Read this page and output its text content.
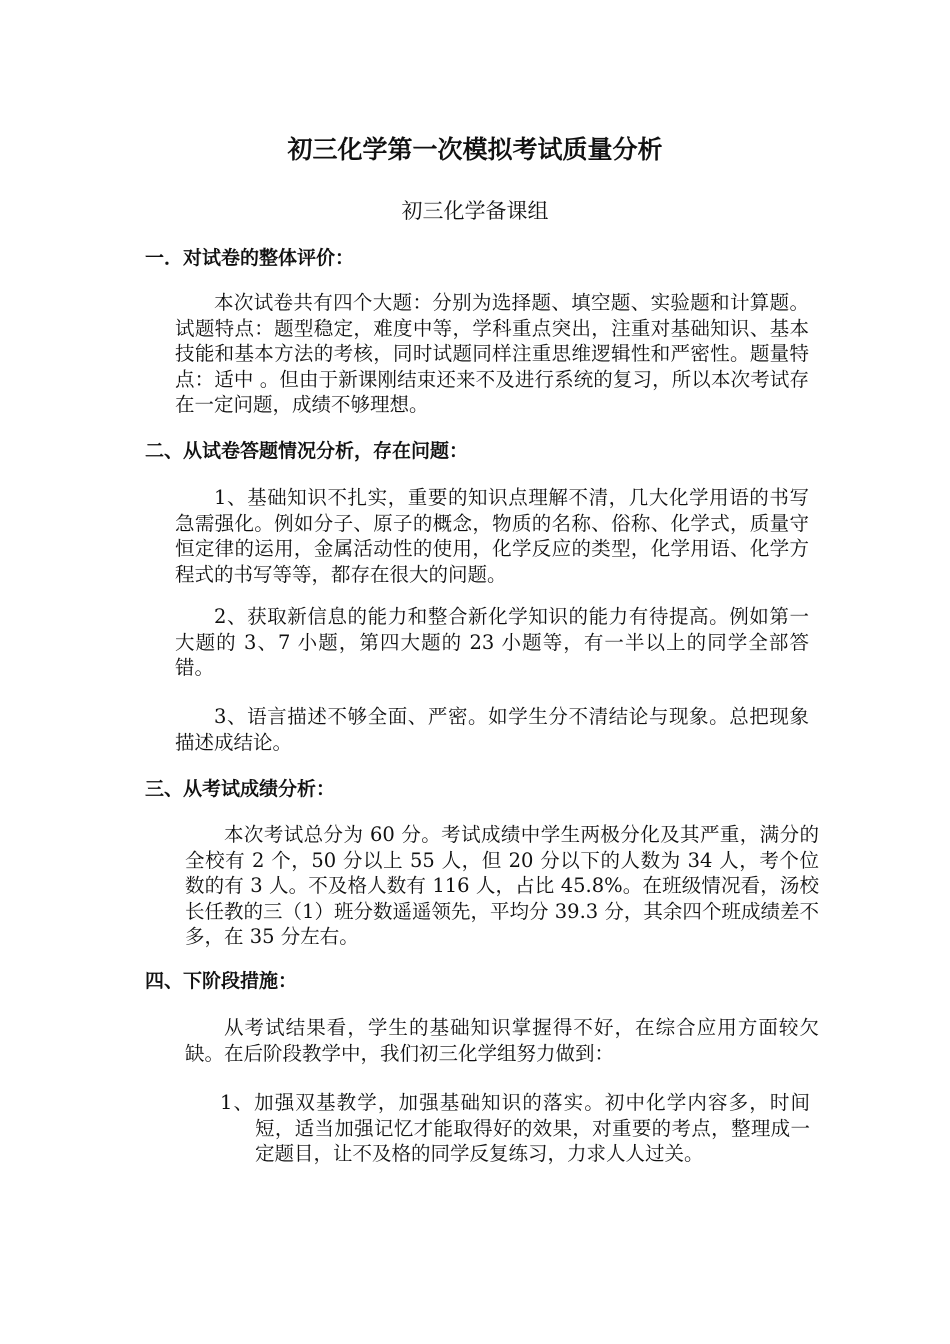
初三化学第一次模拟考试质量分析
初三化学备课组
一．对试卷的整体评价：
本次试卷共有四个大题：分别为选择题、填空题、实验题和计算题。试题特点：题型稳定，难度中等，学科重点突出，注重对基础知识、基本技能和基本方法的考核，同时试题同样注重思维逻辑性和严密性。题量特点：适中 。但由于新课刚结束还来不及进行系统的复习，所以本次考试存在一定问题，成绩不够理想。
二、从试卷答题情况分析，存在问题：
1、基础知识不扎实，重要的知识点理解不清，几大化学用语的书写急需强化。例如分子、原子的概念，物质的名称、俗称、化学式，质量守恒定律的运用，金属活动性的使用，化学反应的类型，化学用语、化学方程式的书写等等，都存在很大的问题。
2、获取新信息的能力和整合新化学知识的能力有待提高。例如第一大题的 3、7 小题，第四大题的 23 小题等，有一半以上的同学全部答错。
3、语言描述不够全面、严密。如学生分不清结论与现象。总把现象描述成结论。
三、从考试成绩分析：
本次考试总分为 60 分。考试成绩中学生两极分化及其严重，满分的全校有 2 个，50 分以上 55 人，但 20 分以下的人数为 34 人，考个位数的有 3 人。不及格人数有 116 人，占比 45.8%。在班级情况看，汤校长任教的三（1）班分数遥遥领先，平均分 39.3 分，其余四个班成绩差不多，在 35 分左右。
四、下阶段措施：
从考试结果看，学生的基础知识掌握得不好，在综合应用方面较欠缺。在后阶段教学中，我们初三化学组努力做到：
1、加强双基教学，加强基础知识的落实。初中化学内容多，时间短，适当加强记忆才能取得好的效果，对重要的考点，整理成一定题目，让不及格的同学反复练习，力求人人过关。
